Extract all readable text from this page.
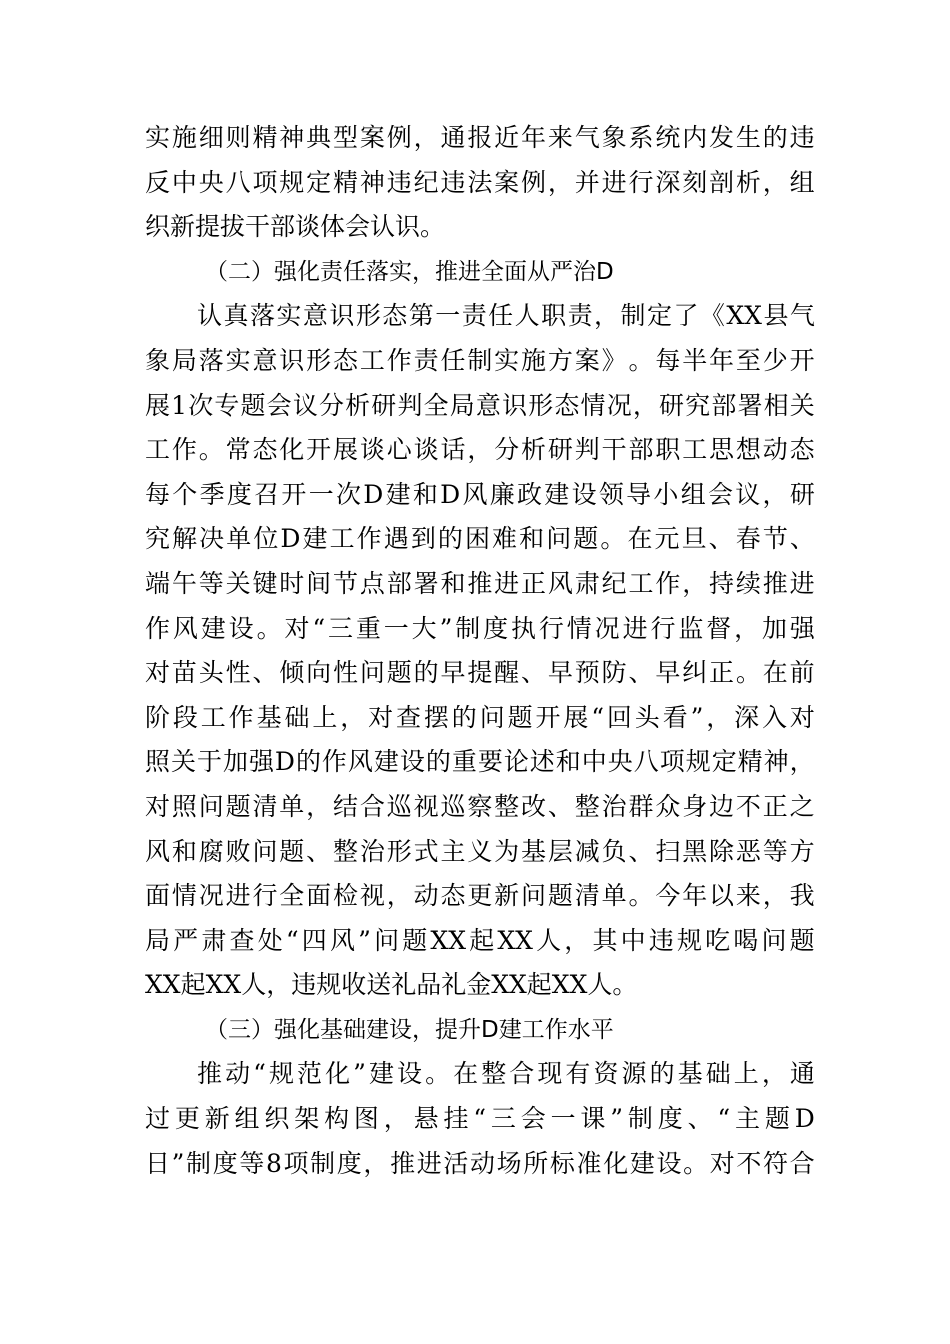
实 施 细 则 精 神 典 型 案 例 ， 通 报 近 年 来 气 象 系 统 内 发 生 的 违
反 中 央 八 项 规 定 精 神 违 纪 违 法 案 例 ， 并 进 行 深 刻 剖 析 ， 组
织新提拔干部谈体会认识。
（二）强化责任落实，推进全面从严治D
认 真 落 实 意 识 形 态 第 一 责 任 人 职 责 ， 制 定 了 《 XX 县 气
象 局 落 实 意 识 形 态 工 作 责 任 制 实 施 方 案 》 。 每 半 年 至 少 开
展 1 次 专 题 会 议 分 析 研 判 全 局 意 识 形 态 情 况 ， 研 究 部 署 相 关
工 作 。 常 态 化 开 展 谈 心 谈 话 ， 分 析 研 判 干 部 职 工 思 想 动 态
每 个 季 度 召 开 一 次 D 建 和 D 风 廉 政 建 设 领 导 小 组 会 议 ， 研
究 解 决 单 位 D 建 工 作 遇 到 的 困 难 和 问 题 。 在 元 旦 、 春 节 、
端 午 等 关 键 时 间 节 点 部 署 和 推 进 正 风 肃 纪 工 作 ， 持 续 推 进
作 风 建 设 。 对 “ 三 重 一 大 ” 制 度 执 行 情 况 进 行 监 督 ， 加 强
对 苗 头 性 、 倾 向 性 问 题 的 早 提 醒 、 早 预 防 、 早 纠 正 。 在 前
阶 段 工 作 基 础 上 ， 对 查 摆 的 问 题 开 展 “ 回 头 看 ” ， 深 入 对
照 关 于 加 强 D 的 作 风 建 设 的 重 要 论 述 和 中 央 八 项 规 定 精 神 ，
对 照 问 题 清 单 ， 结 合 巡 视 巡 察 整 改 、 整 治 群 众 身 边 不 正 之
风 和 腐 败 问 题 、 整 治 形 式 主 义 为 基 层 减 负 、 扫 黑 除 恶 等 方
面 情 况 进 行 全 面 检 视 ， 动 态 更 新 问 题 清 单 。 今 年 以 来 ， 我
局 严 肃 查 处 “ 四 风 ” 问 题 XX 起 XX 人 ， 其 中 违 规 吃 喝 问 题
XX起XX人，违规收送礼品礼金XX起XX人。
（三）强化基础建设，提升D建工作水平
推 动 “ 规 范 化 ” 建 设 。 在 整 合 现 有 资 源 的 基 础 上 ， 通
过 更 新 组 织 架 构 图 ， 悬 挂 “ 三 会 一 课 ” 制 度 、 “ 主 题 D
日 ” 制 度 等 8 项 制 度 ， 推 进 活 动 场 所 标 准 化 建 设 。 对 不 符 合
